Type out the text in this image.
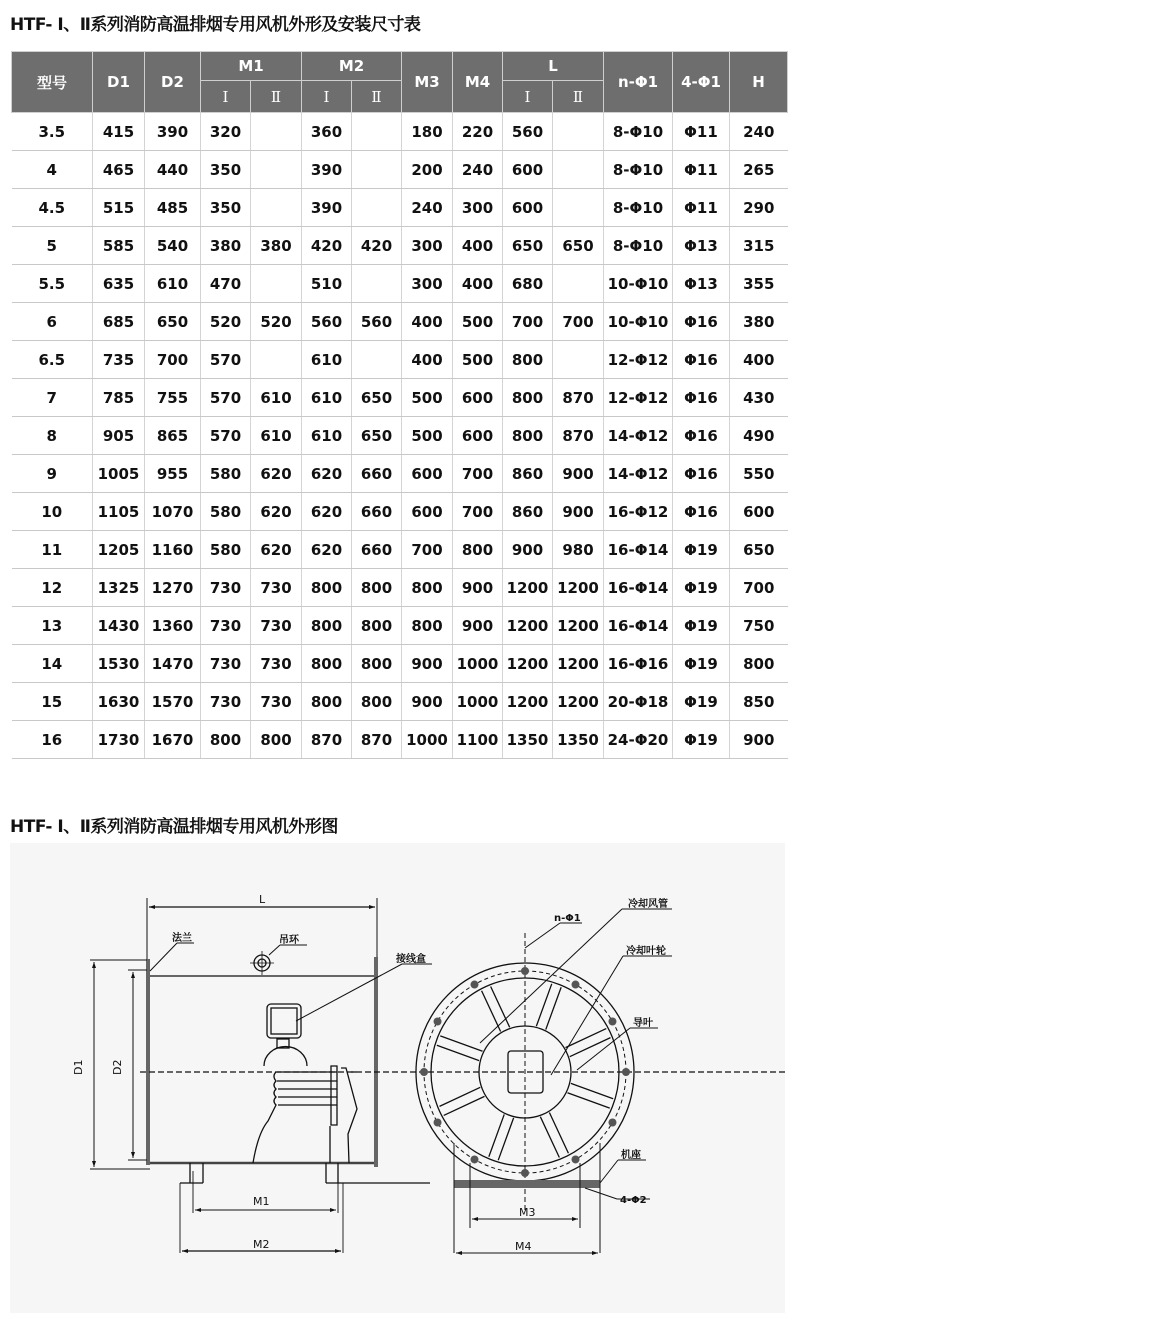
HTF- Ⅰ、Ⅱ系列消防高温排烟专用风机外形及安装尺寸表
型号	D1	D2	M1		M2		M3	M4	L		n-Φ1	4-Φ1	H
			Ⅰ	Ⅱ	Ⅰ	Ⅱ			Ⅰ	Ⅱ			
3.5	415	390	320		360		180	220	560		8-Φ10	Φ11	240
4	465	440	350		390		200	240	600		8-Φ10	Φ11	265
4.5	515	485	350		390		240	300	600		8-Φ10	Φ11	290
5	585	540	380	380	420	420	300	400	650	650	8-Φ10	Φ13	315
5.5	635	610	470		510		300	400	680		10-Φ10	Φ13	355
6	685	650	520	520	560	560	400	500	700	700	10-Φ10	Φ16	380
6.5	735	700	570		610		400	500	800		12-Φ12	Φ16	400
7	785	755	570	610	610	650	500	600	800	870	12-Φ12	Φ16	430
8	905	865	570	610	610	650	500	600	800	870	14-Φ12	Φ16	490
9	1005	955	580	620	620	660	600	700	860	900	14-Φ12	Φ16	550
10	1105	1070	580	620	620	660	600	700	860	900	16-Φ12	Φ16	600
11	1205	1160	580	620	620	660	700	800	900	980	16-Φ14	Φ19	650
12	1325	1270	730	730	800	800	800	900	1200	1200	16-Φ14	Φ19	700
13	1430	1360	730	730	800	800	800	900	1200	1200	16-Φ14	Φ19	750
14	1530	1470	730	730	800	800	900	1000	1200	1200	16-Φ16	Φ19	800
15	1630	1570	730	730	800	800	900	1000	1200	1200	20-Φ18	Φ19	850
16	1730	1670	800	800	870	870	1000	1100	1350	1350	24-Φ20	Φ19	900
HTF- Ⅰ、Ⅱ系列消防高温排烟专用风机外形图
L
D1 D2
M1
M2
M3
M4
法兰	吊环
接线盒
n-Φ1
冷却风管
冷却叶轮
导叶
机座
4-Φ2
